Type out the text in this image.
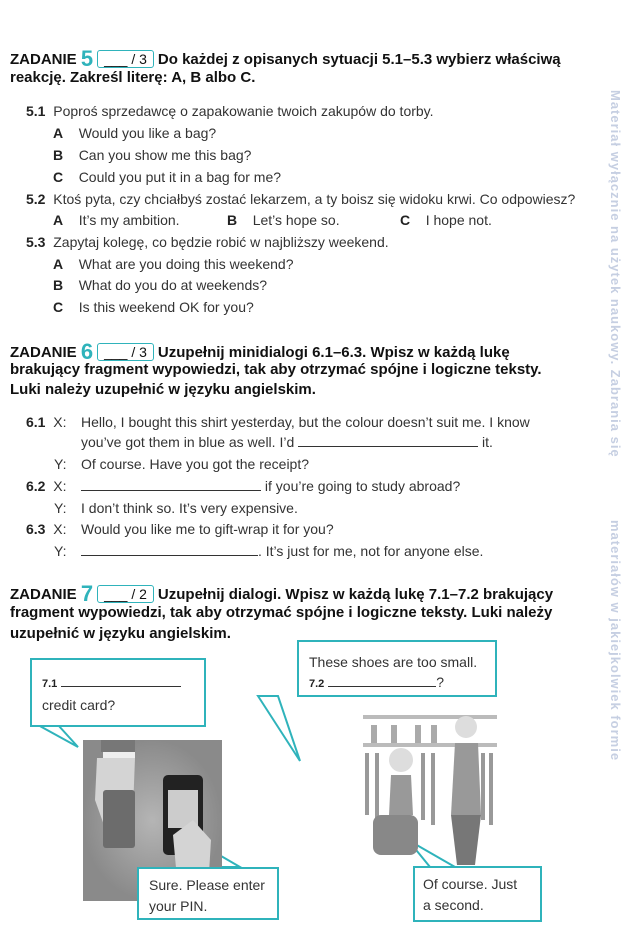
Materiał wyłącznie na użytek naukowy. Zabrania się
materiałów w jakiejkolwiek formie
ZADANIE 5 ___ / 3 Do każdej z opisanych sytuacji 5.1–5.3 wybierz właściwą
reakcję. Zakreśl literę: A, B albo C.
5.1 Poproś sprzedawcę o zapakowanie twoich zakupów do torby.
A Would you like a bag?
B Can you show me this bag?
C Could you put it in a bag for me?
5.2 Ktoś pyta, czy chciałbyś zostać lekarzem, a ty boisz się widoku krwi. Co odpowiesz?
A It’s my ambition.	B Let’s hope so.	C I hope not.
5.3 Zapytaj kolegę, co będzie robić w najbliższy weekend.
A What are you doing this weekend?
B What do you do at weekends?
C Is this weekend OK for you?
ZADANIE 6 ___ / 3 Uzupełnij minidialogi 6.1–6.3. Wpisz w każdą lukę
brakujący fragment wypowiedzi, tak aby otrzymać spójne i logiczne teksty.
Luki należy uzupełnić w języku angielskim.
6.1 X: Hello, I bought this shirt yesterday, but the colour doesn’t suit me. I know
you’ve got them in blue as well. I’d	it.
Y: Of course. Have you got the receipt?
6.2 X:	if you’re going to study abroad?
Y: I don’t think so. It’s very expensive.
6.3 X: Would you like me to gift-wrap it for you?
Y:	. It’s just for me, not for anyone else.
ZADANIE 7 ___ / 2 Uzupełnij dialogi. Wpisz w każdą lukę 7.1–7.2 brakujący
fragment wypowiedzi, tak aby otrzymać spójne i logiczne teksty. Luki należy
uzupełnić w języku angielskim.
7.1
credit card?
These shoes are too small.
7.2	?
Sure. Please enter
your PIN.
Of course. Just
a second.
